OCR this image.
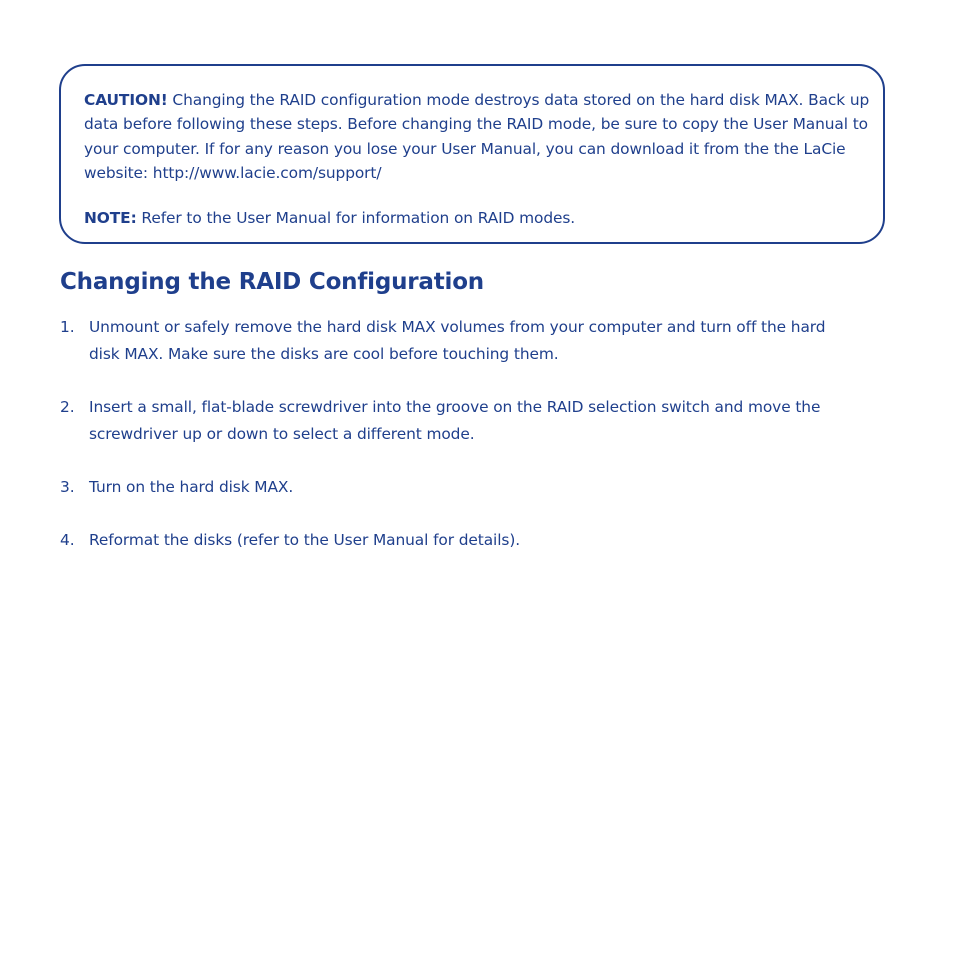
CAUTION! Changing the RAID configuration mode destroys data stored on the hard disk MAX. Back up data before following these steps. Before changing the RAID mode, be sure to copy the User Manual to your computer. If for any reason you lose your User Manual, you can download it from the the LaCie website: http://www.lacie.com/support/
NOTE: Refer to the User Manual for information on RAID modes.
Changing the RAID Configuration
1. Unmount or safely remove the hard disk MAX volumes from your computer and turn off the hard disk MAX. Make sure the disks are cool before touching them.
2. Insert a small, flat-blade screwdriver into the groove on the RAID selection switch and move the screwdriver up or down to select a different mode.
3. Turn on the hard disk MAX.
4. Reformat the disks (refer to the User Manual for details).
